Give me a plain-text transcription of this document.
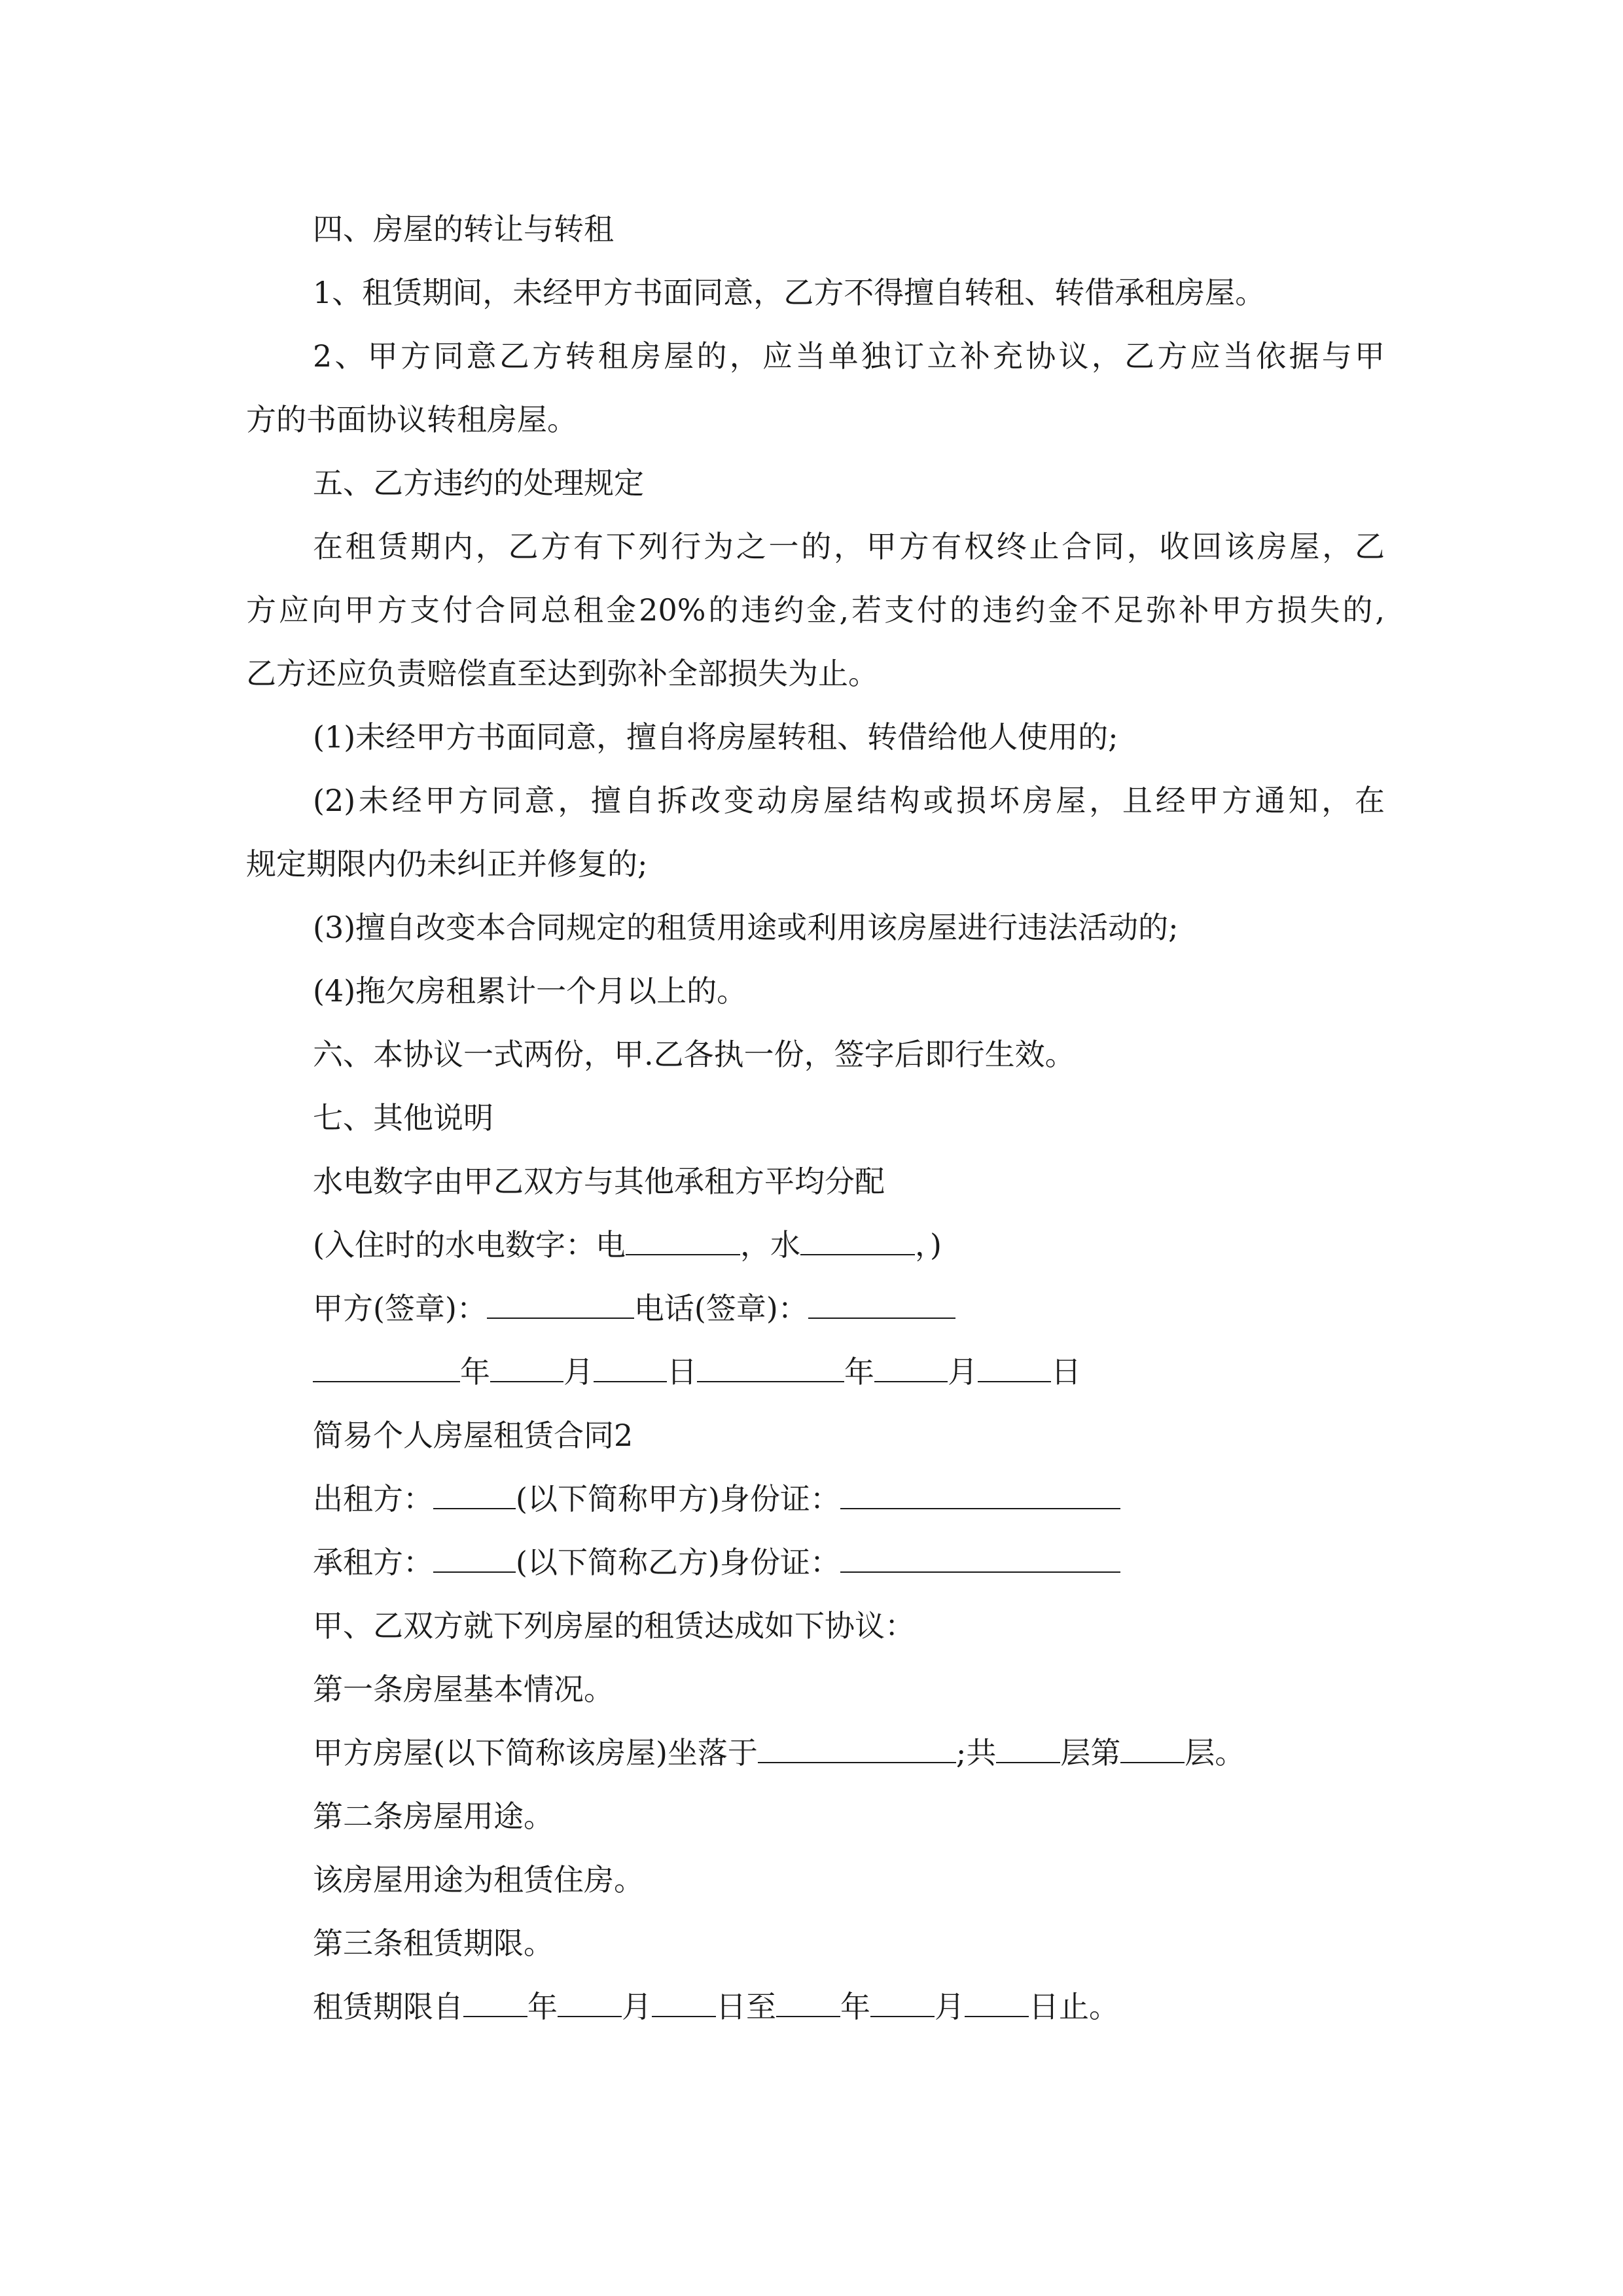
四、房屋的转让与转租
1、租赁期间，未经甲方书面同意，乙方不得擅自转租、转借承租房屋。
2、甲方同意乙方转租房屋的，应当单独订立补充协议，乙方应当依据与甲
方的书面协议转租房屋。
五、乙方违约的处理规定
在租赁期内，乙方有下列行为之一的，甲方有权终止合同，收回该房屋，乙
方应向甲方支付合同总租金20%的违约金,若支付的违约金不足弥补甲方损失的,
乙方还应负责赔偿直至达到弥补全部损失为止。
(1)未经甲方书面同意，擅自将房屋转租、转借给他人使用的;
(2)未经甲方同意，擅自拆改变动房屋结构或损坏房屋，且经甲方通知，在
规定期限内仍未纠正并修复的;
(3)擅自改变本合同规定的租赁用途或利用该房屋进行违法活动的;
(4)拖欠房租累计一个月以上的。
六、本协议一式两份，甲.乙各执一份，签字后即行生效。
七、其他说明
水电数字由甲乙双方与其他承租方平均分配
(入住时的水电数字：电	，水	，)
甲方(签章)：	电话(签章)：
年 月 日	年 月 日
简易个人房屋租赁合同2
出租方：	(以下简称甲方)身份证：
承租方：	(以下简称乙方)身份证：
甲、乙双方就下列房屋的租赁达成如下协议：
第一条房屋基本情况。
甲方房屋(以下简称该房屋)坐落于	;共 层第 层。
第二条房屋用途。
该房屋用途为租赁住房。
第三条租赁期限。
租赁期限自 年 月 日至 年 月 日止。
